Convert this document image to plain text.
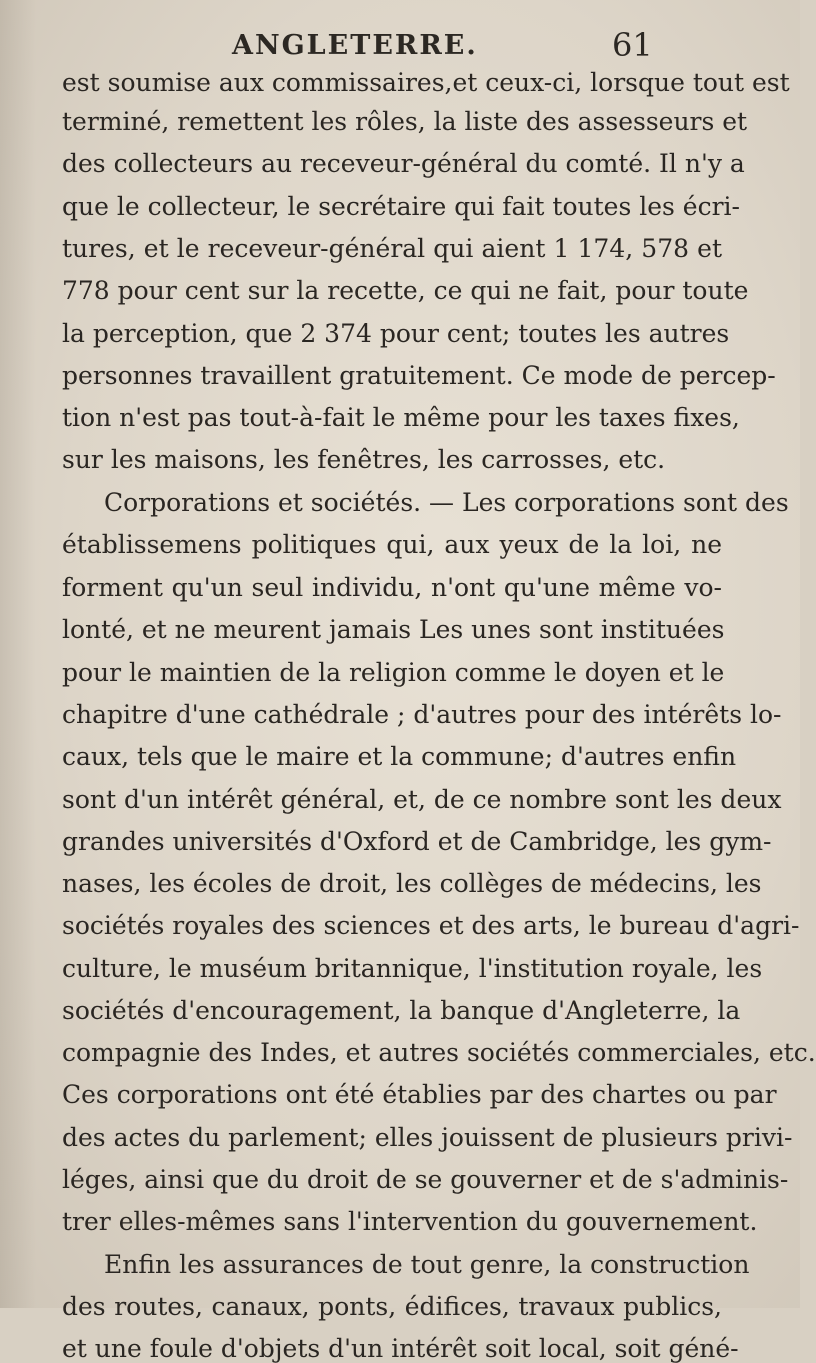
ANGLETERRE.	61
est soumise aux commissaires,et ceux-ci, lorsque tout est
terminé, remettent les rôles, la liste des assesseurs et
des collecteurs au receveur-général du comté. Il n'y a
que le collecteur, le secrétaire qui fait toutes les écri-
tures, et le receveur-général qui aient 1 174, 578 et
778 pour cent sur la recette, ce qui ne fait, pour toute
la perception, que 2 374 pour cent; toutes les autres
personnes travaillent gratuitement. Ce mode de percep-
tion n'est pas tout-à-fait le même pour les taxes fixes,
sur les maisons, les fenêtres, les carrosses, etc.
Corporations et sociétés. — Les corporations sont des
établissemens politiques qui, aux yeux de la loi, ne
forment qu'un seul individu, n'ont qu'une même vo-
lonté, et ne meurent jamais Les unes sont instituées
pour le maintien de la religion comme le doyen et le
chapitre d'une cathédrale ; d'autres pour des intérêts lo-
caux, tels que le maire et la commune; d'autres enfin
sont d'un intérêt général, et, de ce nombre sont les deux
grandes universités d'Oxford et de Cambridge, les gym-
nases, les écoles de droit, les collèges de médecins, les
sociétés royales des sciences et des arts, le bureau d'agri-
culture, le muséum britannique, l'institution royale, les
sociétés d'encouragement, la banque d'Angleterre, la
compagnie des Indes, et autres sociétés commerciales, etc.
Ces corporations ont été établies par des chartes ou par
des actes du parlement; elles jouissent de plusieurs privi-
léges, ainsi que du droit de se gouverner et de s'adminis-
trer elles-mêmes sans l'intervention du gouvernement.
Enfin les assurances de tout genre, la construction
des routes, canaux, ponts, édifices, travaux publics,
et une foule d'objets d'un intérêt soit local, soit géné-
